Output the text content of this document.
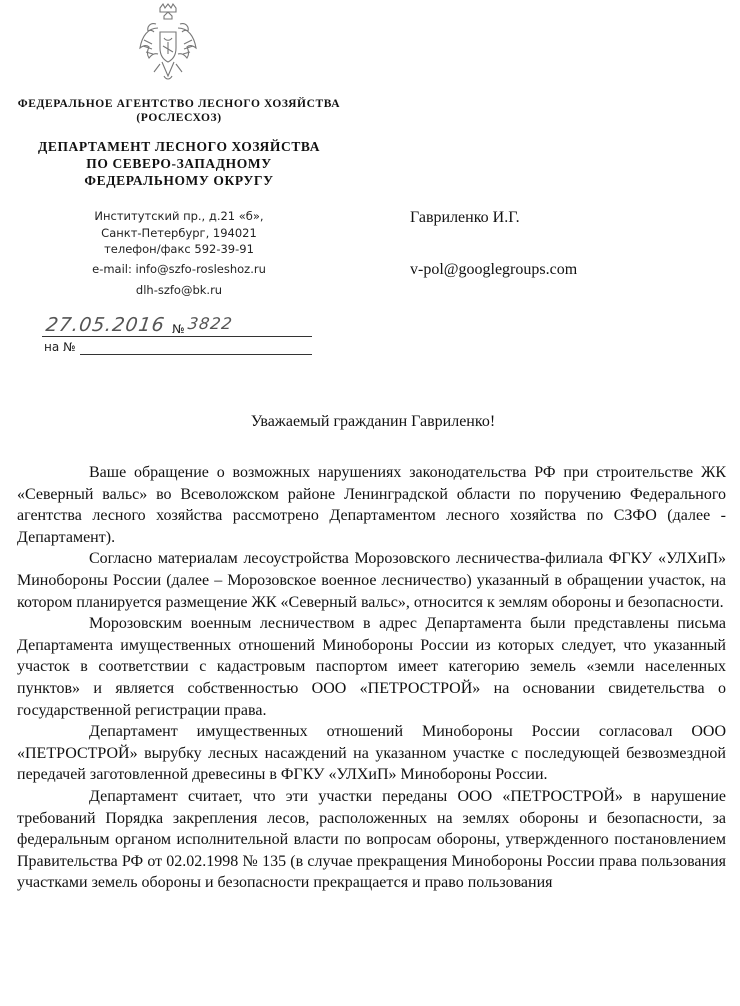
ФЕДЕРАЛЬНОЕ АГЕНТСТВО ЛЕСНОГО ХОЗЯЙСТВА
(РОСЛЕСХОЗ)
ДЕПАРТАМЕНТ ЛЕСНОГО ХОЗЯЙСТВА
ПО СЕВЕРО-ЗАПАДНОМУ
ФЕДЕРАЛЬНОМУ ОКРУГУ
Институтский пр., д.21 «б»,
Санкт-Петербург, 194021
телефон/факс 592-39-91
e-mail: info@szfo-rosleshoz.ru
dlh-szfo@bk.ru
27.05.2016 № 3822
на №
Гавриленко И.Г.
v-pol@googlegroups.com
Уважаемый гражданин Гавриленко!

Ваше обращение о возможных нарушениях законодательства РФ при строительстве ЖК «Северный вальс» во Всеволожском районе Ленинградской области по поручению Федерального агентства лесного хозяйства рассмотрено Департаментом лесного хозяйства по СЗФО (далее - Департамент).

Согласно материалам лесоустройства Морозовского лесничества-филиала ФГКУ «УЛХиП» Минобороны России (далее – Морозовское военное лесничество) указанный в обращении участок, на котором планируется размещение ЖК «Северный вальс», относится к землям обороны и безопасности.

Морозовским военным лесничеством в адрес Департамента были представлены письма Департамента имущественных отношений Минобороны России из которых следует, что указанный участок в соответствии с кадастровым паспортом имеет категорию земель «земли населенных пунктов» и является собственностью ООО «ПЕТРОСТРОЙ» на основании свидетельства о государственной регистрации права.

Департамент имущественных отношений Минобороны России согласовал ООО «ПЕТРОСТРОЙ» вырубку лесных насаждений на указанном участке с последующей безвозмездной передачей заготовленной древесины в ФГКУ «УЛХиП» Минобороны России.

Департамент считает, что эти участки переданы ООО «ПЕТРОСТРОЙ» в нарушение требований Порядка закрепления лесов, расположенных на землях обороны и безопасности, за федеральным органом исполнительной власти по вопросам обороны, утвержденного постановлением Правительства РФ от 02.02.1998 № 135 (в случае прекращения Минобороны России права пользования участками земель обороны и безопасности прекращается и право пользования
